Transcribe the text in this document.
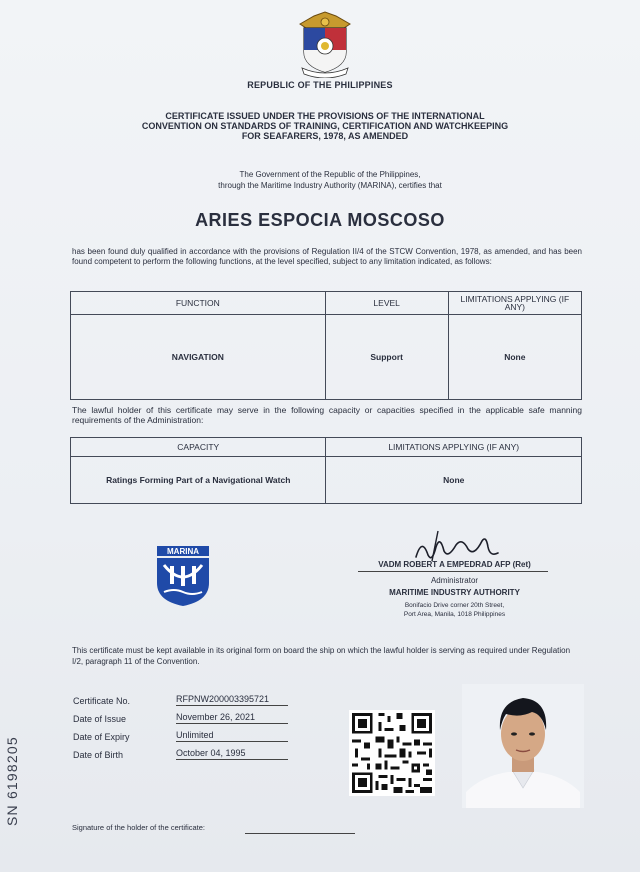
REPUBLIC OF THE PHILIPPINES
CERTIFICATE ISSUED UNDER THE PROVISIONS OF THE INTERNATIONAL
CONVENTION ON STANDARDS OF TRAINING, CERTIFICATION AND WATCHKEEPING
FOR SEAFARERS, 1978, AS AMENDED
The Government of the Republic of the Philippines,
through the Maritime Industry Authority (MARINA), certifies that
ARIES ESPOCIA MOSCOSO
has been found duly qualified in accordance with the provisions of Regulation II/4 of the STCW Convention, 1978, as amended, and has been found competent to perform the following functions, at the level specified, subject to any limitation indicated, as follows:
FUNCTION	LEVEL	LIMITATIONS APPLYING (IF ANY)
NAVIGATION	Support	None
The lawful holder of this certificate may serve in the following capacity or capacities specified in the applicable safe manning requirements of the Administration:
CAPACITY	LIMITATIONS APPLYING (IF ANY)
Ratings Forming Part of a Navigational Watch	None
MARINA
VADM ROBERT A EMPEDRAD AFP (Ret)
Administrator
MARITIME INDUSTRY AUTHORITY
Bonifacio Drive corner 20th Street,
Port Area, Manila, 1018 Philippines
This certificate must be kept available in its original form on board the ship on which the lawful holder is serving as required under Regulation I/2, paragraph 11 of the Convention.
Certificate No.	RFPNW200003395721
Date of Issue	November 26, 2021
Date of Expiry	Unlimited
Date of Birth	October 04, 1995
SN 6198205
Signature of the holder of the certificate:
